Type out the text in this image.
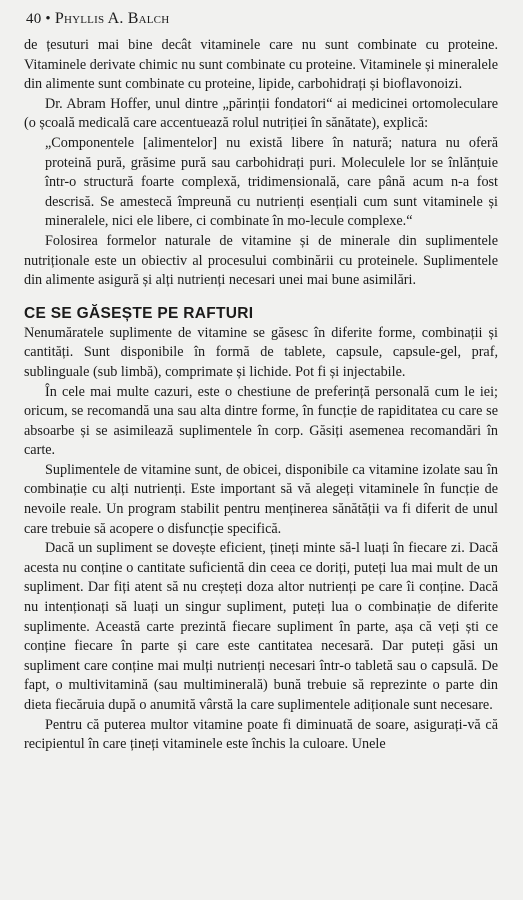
40 • Phyllis A. Balch

de țesuturi mai bine decât vitaminele care nu sunt combinate cu proteine. Vitaminele derivate chimic nu sunt combinate cu proteine. Vitaminele și mineralele din alimente sunt combinate cu proteine, lipide, carbohidrați și bioflavonoizi.

Dr. Abram Hoffer, unul dintre „părinții fondatori“ ai medicinei ortomoleculare (o școală medicală care accentuează rolul nutriției în sănătate), explică:

„Componentele [alimentelor] nu există libere în natură; natura nu oferă proteină pură, grăsime pură sau carbohidrați puri. Moleculele lor se înlănțuie într-o structură foarte complexă, tridimensională, care până acum n-a fost descrisă. Se amestecă împreună cu nutrienți esențiali cum sunt vitaminele și mineralele, nici ele libere, ci combinate în mo-lecule complexe.“

Folosirea formelor naturale de vitamine și de minerale din suplimentele nutriționale este un obiectiv al procesului combinării cu proteinele. Suplimentele din alimente asigură și alți nutrienți necesari unei mai bune asimilări.

CE SE GĂSEȘTE PE RAFTURI

Nenumăratele suplimente de vitamine se găsesc în diferite forme, combinații și cantități. Sunt disponibile în formă de tablete, capsule, capsule-gel, praf, sublinguale (sub limbă), comprimate și lichide. Pot fi și injectabile.

În cele mai multe cazuri, este o chestiune de preferință personală cum le iei; oricum, se recomandă una sau alta dintre forme, în funcție de rapiditatea cu care se absoarbe și se asimilează suplimentele în corp. Găsiți asemenea recomandări în carte.

Suplimentele de vitamine sunt, de obicei, disponibile ca vitamine izolate sau în combinație cu alți nutrienți. Este important să vă alegeți vitaminele în funcție de nevoile reale. Un program stabilit pentru menținerea sănătății va fi diferit de unul care trebuie să acopere o disfuncție specifică.

Dacă un supliment se dovește eficient, țineți minte să-l luați în fiecare zi. Dacă acesta nu conține o cantitate suficientă din ceea ce doriți, puteți lua mai mult de un supliment. Dar fiți atent să nu creșteți doza altor nutrienți pe care îi conține. Dacă nu intenționați să luați un singur supliment, puteți lua o combinație de diferite suplimente. Această carte prezintă fiecare supliment în parte, așa că veți ști ce conține fiecare în parte și care este cantitatea necesară. Dar puteți găsi un supliment care conține mai mulți nutrienți necesari într-o tabletă sau o capsulă. De fapt, o multivitamină (sau multiminerală) bună trebuie să reprezinte o parte din dieta fiecăruia după o anumită vârstă la care suplimentele adiționale sunt necesare.

Pentru că puterea multor vitamine poate fi diminuată de soare, asigurați-vă că recipientul în care țineți vitaminele este închis la culoare. Unele
